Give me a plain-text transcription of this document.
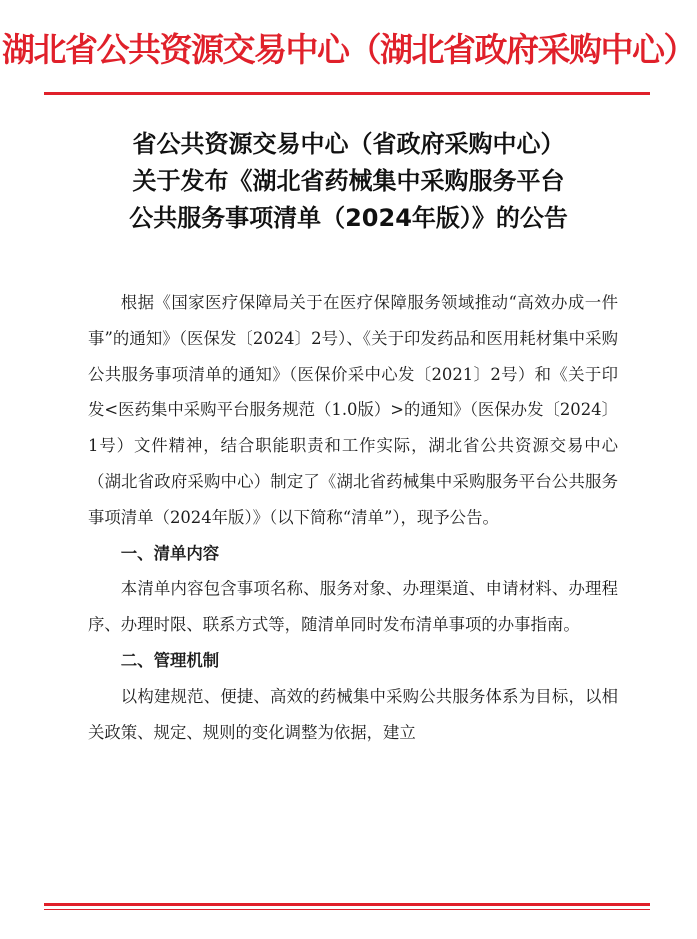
湖北省公共资源交易中心（湖北省政府采购中心）
省公共资源交易中心（省政府采购中心）
关于发布《湖北省药械集中采购服务平台
公共服务事项清单（2024年版）》的公告

根据《国家医疗保障局关于在医疗保障服务领域推动“高效办成一件事”的通知》（医保发〔2024〕2号）、《关于印发药品和医用耗材集中采购公共服务事项清单的通知》（医保价采中心发〔2021〕2号）和《关于印发<医药集中采购平台服务规范（1.0版）>的通知》（医保办发〔2024〕1号）文件精神，结合职能职责和工作实际，湖北省公共资源交易中心（湖北省政府采购中心）制定了《湖北省药械集中采购服务平台公共服务事项清单（2024年版）》（以下简称“清单”），现予公告。

一、清单内容

本清单内容包含事项名称、服务对象、办理渠道、申请材料、办理程序、办理时限、联系方式等，随清单同时发布清单事项的办事指南。

二、管理机制

以构建规范、便捷、高效的药械集中采购公共服务体系为目标，以相关政策、规定、规则的变化调整为依据，建立
